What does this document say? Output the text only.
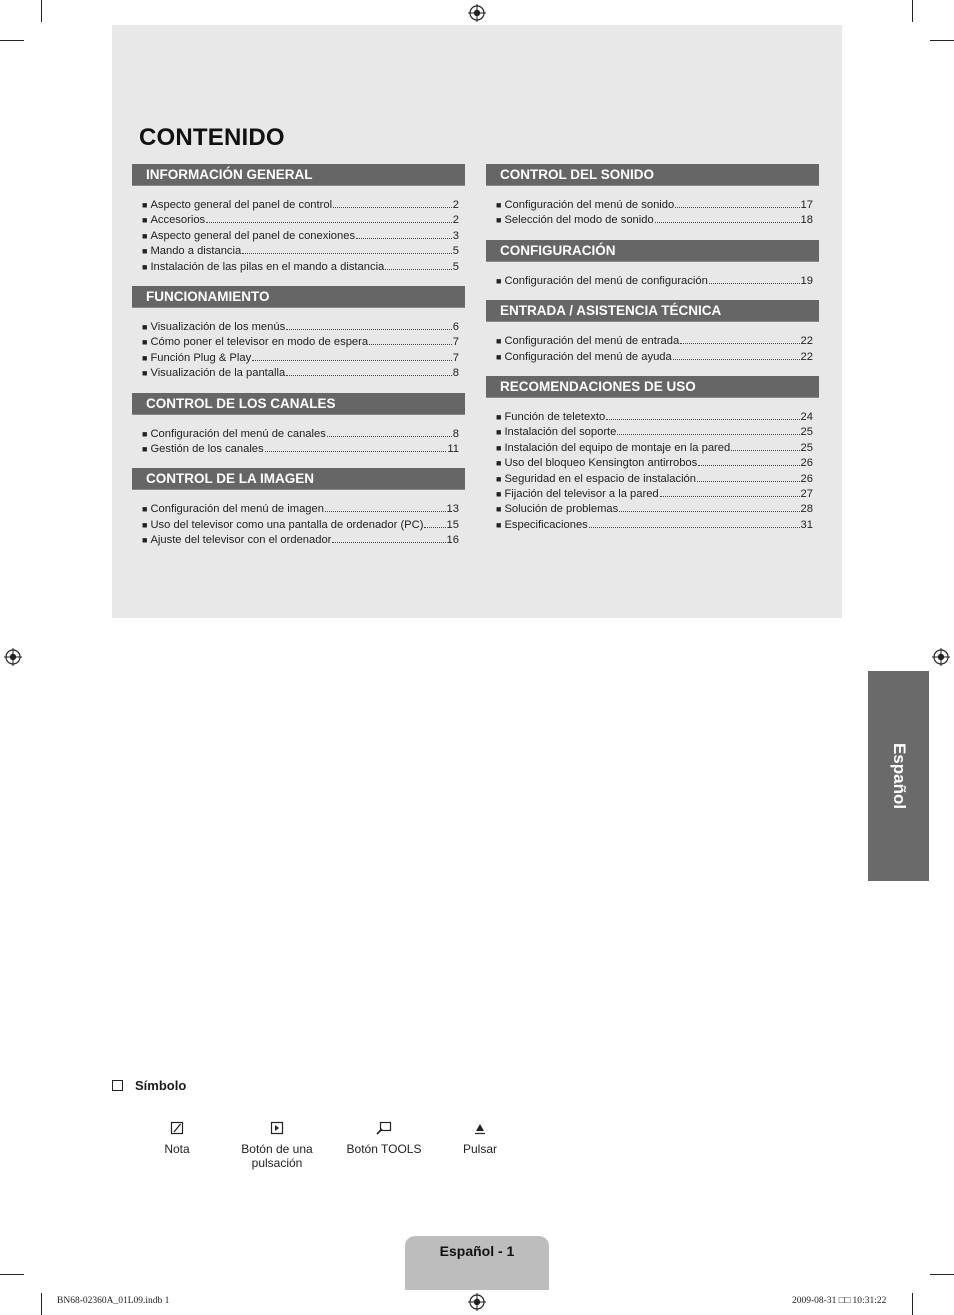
CONTENIDO
INFORMACIÓN GENERAL
■ Aspecto general del panel de control	2
■ Accesorios	2
■ Aspecto general del panel de conexiones	3
■ Mando a distancia	5
■ Instalación de las pilas en el mando a distancia	5
FUNCIONAMIENTO
■ Visualización de los menús	6
■ Cómo poner el televisor en modo de espera	7
■ Función Plug & Play	7
■ Visualización de la pantalla	8
CONTROL DE LOS CANALES
■ Configuración del menú de canales	8
■ Gestión de los canales	11
CONTROL DE LA IMAGEN
■ Configuración del menú de imagen	13
■ Uso del televisor como una pantalla de ordenador (PC) 15
■ Ajuste del televisor con el ordenador	16
CONTROL DEL SONIDO
■ Configuración del menú de sonido	17
■ Selección del modo de sonido	18
CONFIGURACIÓN
■ Configuración del menú de configuración	19
ENTRADA / ASISTENCIA TÉCNICA
■ Configuración del menú de entrada	22
■ Configuración del menú de ayuda	22
RECOMENDACIONES DE USO
■ Función de teletexto	24
■ Instalación del soporte	25
■ Instalación del equipo de montaje en la pared	25
■ Uso del bloqueo Kensington antirrobos	26
■ Seguridad en el espacio de instalación	26
■ Fijación del televisor a la pared	27
■ Solución de problemas	28
■ Especificaciones	31
Español
Símbolo
Nota	Botón de una
pulsación
Botón TOOLS	Pulsar
Español - 1
BN68-02360A_01L09.indb 1	2009-08-31 □□ 10:31:22
